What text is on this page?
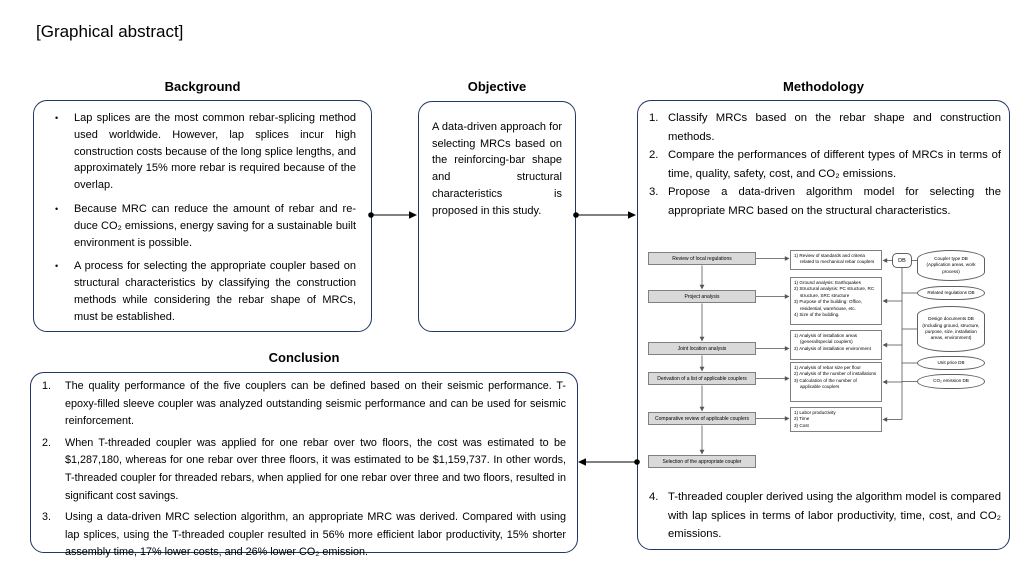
[Graphical abstract]
Background
• Lap splices are the most common rebar-splicing method used worldwide. However, lap splices incur high construction costs because of the long splice lengths, and approximately 15% more rebar is required because of the overlap.
• Because MRC can reduce the amount of rebar and re-duce CO₂ emissions, energy saving for a sustainable built environment is possible.
• A process for selecting the appropriate coupler based on structural characteristics by classifying the construction methods while considering the rebar shape of MRCs, must be established.
Objective
A data-driven approach for selecting MRCs based on the reinforcing-bar shape and structural characteristics is proposed in this study.
Methodology
1. Classify MRCs based on the rebar shape and construction methods.
2. Compare the performances of different types of MRCs in terms of time, quality, safety, cost, and CO₂ emissions.
3. Propose a data-driven algorithm model for selecting the appropriate MRC based on the structural characteristics.
Review of local regulations
Project analysis
Joint location analysis
Derivation of a list of applicable couplers
Comparative review of applicable couplers
Selection of the appropriate coupler
1) Review of standards and criteria related to mechanical rebar couplers
1) Ground analysis: Earthquakes
2) Structural analysis: PC structure, RC structure, SRC structure
3) Purpose of the building: Office, residential, warehouse, etc.
4) Size of the building.
1) Analysis of installation areas (general/special couplers)
2) Analysis of installation environment
1) Analysis of rebar size per floor
2) Analysis of the number of installations
3) Calculation of the number of applicable couplers
1) Labor productivity
2) Time
3) Cost
DB	Coupler type DB (Application areas, work process)
Related regulations DB
Design documents DB (Including ground, structure, purpose, size, installation areas, environment)
Unit price DB
CO₂ emission DB
4. T-threaded coupler derived using the algorithm model is compared with lap splices in terms of labor productivity, time, cost, and CO₂ emissions.
Conclusion
1. The quality performance of the five couplers can be defined based on their seismic performance. T-epoxy-filled sleeve coupler was analyzed outstanding seismic performance and can be used for seismic reinforcement.
2. When T-threaded coupler was applied for one rebar over two floors, the cost was estimated to be $1,287,180, whereas for one rebar over three floors, it was estimated to be $1,159,737. In other words, T-threaded coupler for threaded rebars, when applied for one rebar over three and two floors, resulted in significant cost savings.
3. Using a data-driven MRC selection algorithm, an appropriate MRC was derived. Compared with using lap splices, using the T-threaded coupler resulted in 56% more efficient labor productivity, 15% shorter assembly time, 17% lower costs, and 26% lower CO₂ emission.
